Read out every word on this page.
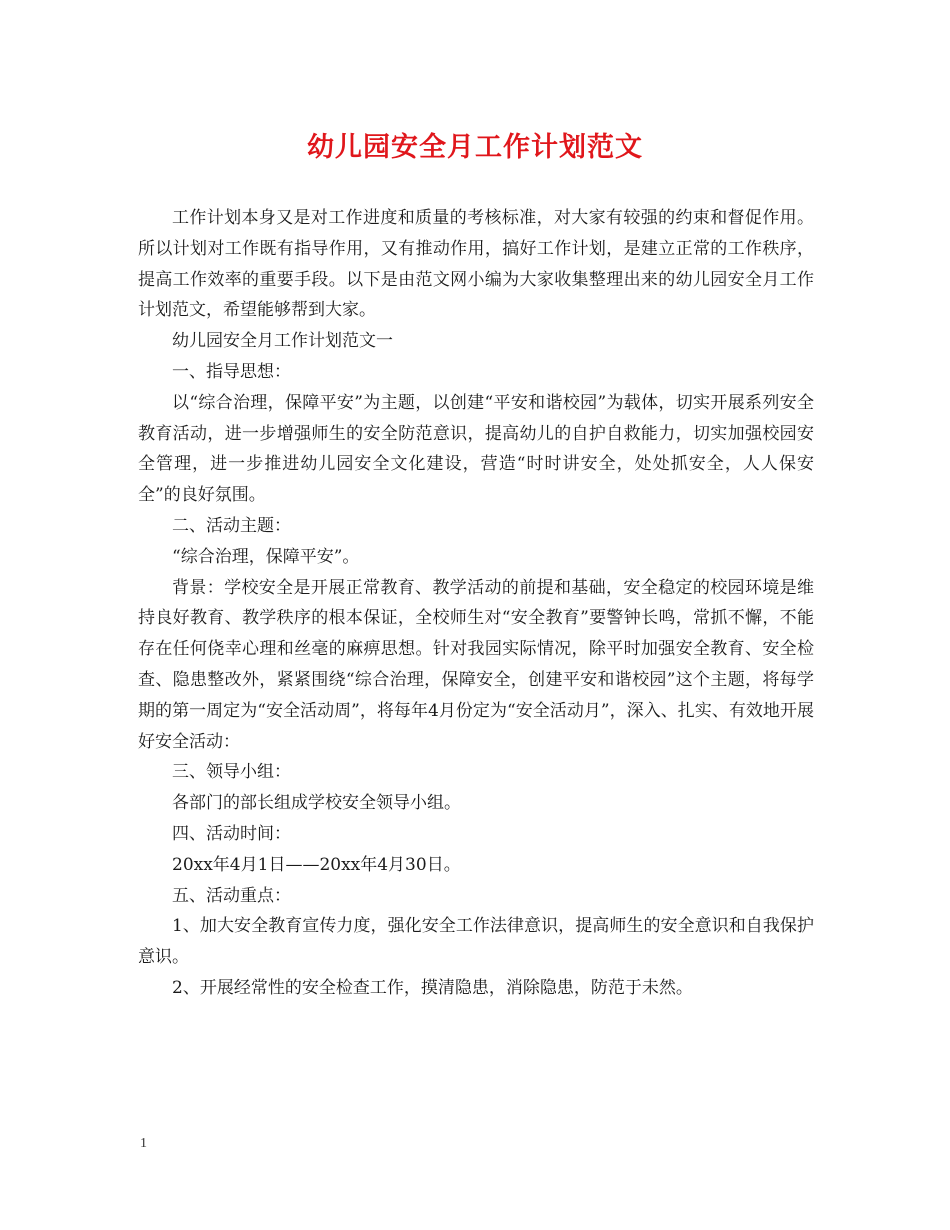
幼儿园安全月工作计划范文

工作计划本身又是对工作进度和质量的考核标准，对大家有较强的约束和督促作用。所以计划对工作既有指导作用，又有推动作用，搞好工作计划，是建立正常的工作秩序，提高工作效率的重要手段。以下是由范文网小编为大家收集整理出来的幼儿园安全月工作计划范文，希望能够帮到大家。

幼儿园安全月工作计划范文一

一、指导思想：

以“综合治理，保障平安”为主题，以创建“平安和谐校园”为载体，切实开展系列安全教育活动，进一步增强师生的安全防范意识，提高幼儿的自护自救能力，切实加强校园安全管理，进一步推进幼儿园安全文化建设，营造“时时讲安全，处处抓安全，人人保安全”的良好氛围。

二、活动主题：

“综合治理，保障平安”。

背景：学校安全是开展正常教育、教学活动的前提和基础，安全稳定的校园环境是维持良好教育、教学秩序的根本保证，全校师生对“安全教育”要警钟长鸣，常抓不懈，不能存在任何侥幸心理和丝毫的麻痹思想。针对我园实际情况，除平时加强安全教育、安全检查、隐患整改外，紧紧围绕“综合治理，保障安全，创建平安和谐校园”这个主题，将每学期的第一周定为“安全活动周”，将每年4月份定为“安全活动月”，深入、扎实、有效地开展好安全活动：

三、领导小组：

各部门的部长组成学校安全领导小组。

四、活动时间：

20xx年4月1日——20xx年4月30日。

五、活动重点：

1、加大安全教育宣传力度，强化安全工作法律意识，提高师生的安全意识和自我保护意识。

2、开展经常性的安全检查工作，摸清隐患，消除隐患，防范于未然。

1
